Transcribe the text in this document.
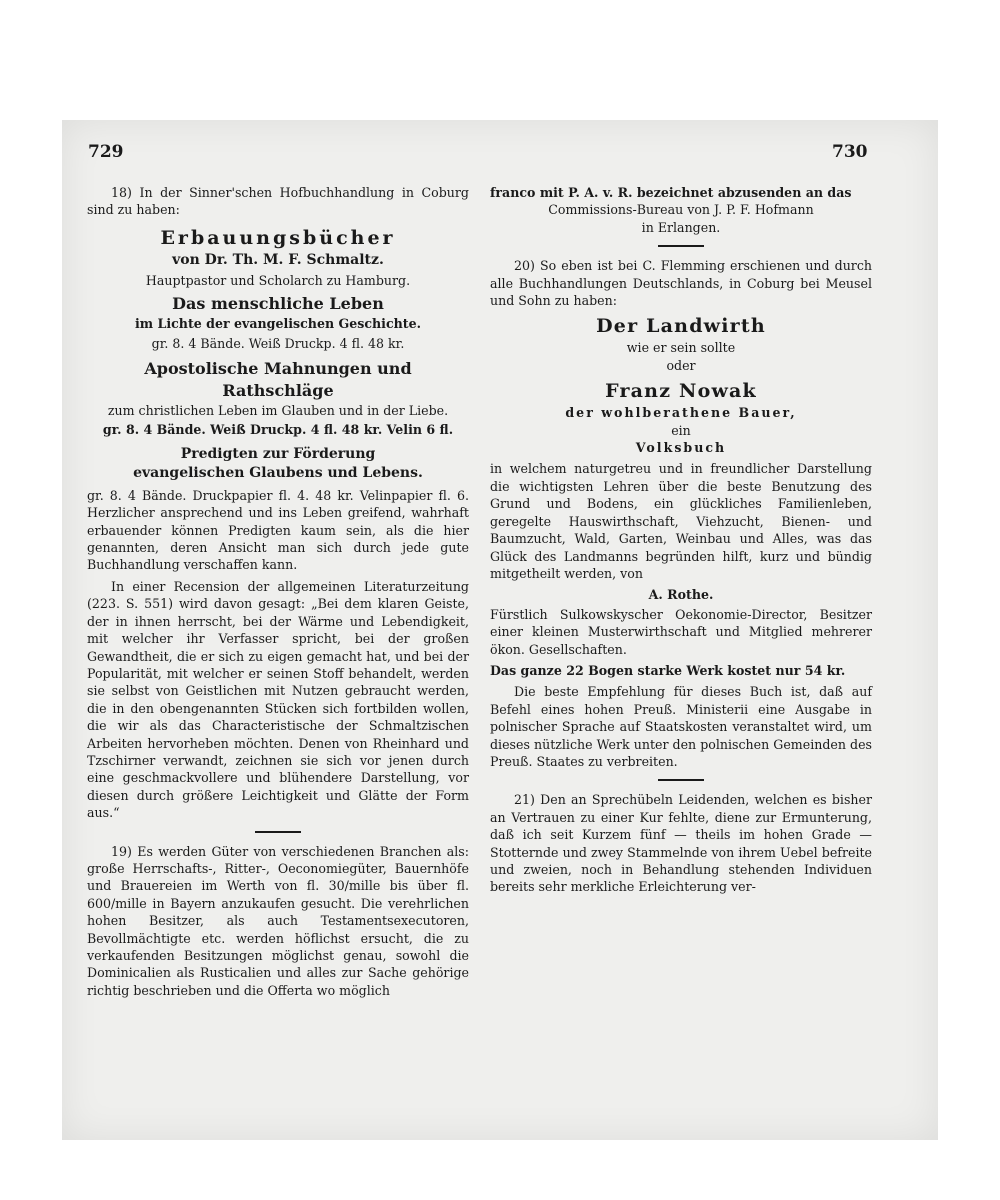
729	730

18) In der Sinner'schen Hofbuchhandlung in Coburg sind zu haben:

Erbauungsbücher

von Dr. Th. M. F. Schmaltz.

Hauptpastor und Scholarch zu Hamburg.

Das menschliche Leben

im Lichte der evangelischen Geschichte.

gr. 8. 4 Bände. Weiß Druckp. 4 fl. 48 kr.

Apostolische Mahnungen und Rathschläge

zum christlichen Leben im Glauben und in der Liebe.

gr. 8. 4 Bände. Weiß Druckp. 4 fl. 48 kr. Velin 6 fl.

Predigten zur Förderung

evangelischen Glaubens und Lebens.

gr. 8. 4 Bände. Druckpapier fl. 4. 48 kr. Velinpapier fl. 6. Herzlicher ansprechend und ins Leben greifend, wahrhaft erbauender können Predigten kaum sein, als die hier genannten, deren Ansicht man sich durch jede gute Buchhandlung verschaffen kann.

In einer Recension der allgemeinen Literaturzeitung (223. S. 551) wird davon gesagt: „Bei dem klaren Geiste, der in ihnen herrscht, bei der Wärme und Lebendigkeit, mit welcher ihr Verfasser spricht, bei der großen Gewandtheit, die er sich zu eigen gemacht hat, und bei der Popularität, mit welcher er seinen Stoff behandelt, werden sie selbst von Geistlichen mit Nutzen gebraucht werden, die in den obengenannten Stücken sich fortbilden wollen, die wir als das Characteristische der Schmaltzischen Arbeiten hervorheben möchten. Denen von Rheinhard und Tzschirner verwandt, zeichnen sie sich vor jenen durch eine geschmackvollere und blühendere Darstellung, vor diesen durch größere Leichtigkeit und Glätte der Form aus.“

19) Es werden Güter von verschiedenen Branchen als: große Herrschafts-, Ritter-, Oeconomiegüter, Bauernhöfe und Brauereien im Werth von fl. 30/mille bis über fl. 600/mille in Bayern anzukaufen gesucht. Die verehrlichen hohen Besitzer, als auch Testamentsexecutoren, Bevollmächtigte etc. werden höflichst ersucht, die zu verkaufenden Besitzungen möglichst genau, sowohl die Dominicalien als Rusticalien und alles zur Sache gehörige richtig beschrieben und die Offerta wo möglich

franco mit P. A. v. R. bezeichnet abzusenden an das

Commissions-Bureau von J. P. F. Hofmann

in Erlangen.

20) So eben ist bei C. Flemming erschienen und durch alle Buchhandlungen Deutschlands, in Coburg bei Meusel und Sohn zu haben:

Der Landwirth

wie er sein sollte

oder

Franz Nowak

der wohlberathene Bauer,

ein

Volksbuch

in welchem naturgetreu und in freundlicher Darstellung die wichtigsten Lehren über die beste Benutzung des Grund und Bodens, ein glückliches Familienleben, geregelte Hauswirthschaft, Viehzucht, Bienen- und Baumzucht, Wald, Garten, Weinbau und Alles, was das Glück des Landmanns begründen hilft, kurz und bündig mitgetheilt werden, von

A. Rothe.

Fürstlich Sulkowskyscher Oekonomie-Director, Besitzer einer kleinen Musterwirthschaft und Mitglied mehrerer ökon. Gesellschaften.

Das ganze 22 Bogen starke Werk kostet nur 54 kr.

Die beste Empfehlung für dieses Buch ist, daß auf Befehl eines hohen Preuß. Ministerii eine Ausgabe in polnischer Sprache auf Staatskosten veranstaltet wird, um dieses nützliche Werk unter den polnischen Gemeinden des Preuß. Staates zu verbreiten.

21) Den an Sprechübeln Leidenden, welchen es bisher an Vertrauen zu einer Kur fehlte, diene zur Ermunterung, daß ich seit Kurzem fünf — theils im hohen Grade — Stotternde und zwey Stammelnde von ihrem Uebel befreite und zweien, noch in Behandlung stehenden Individuen bereits sehr merkliche Erleichterung ver-
